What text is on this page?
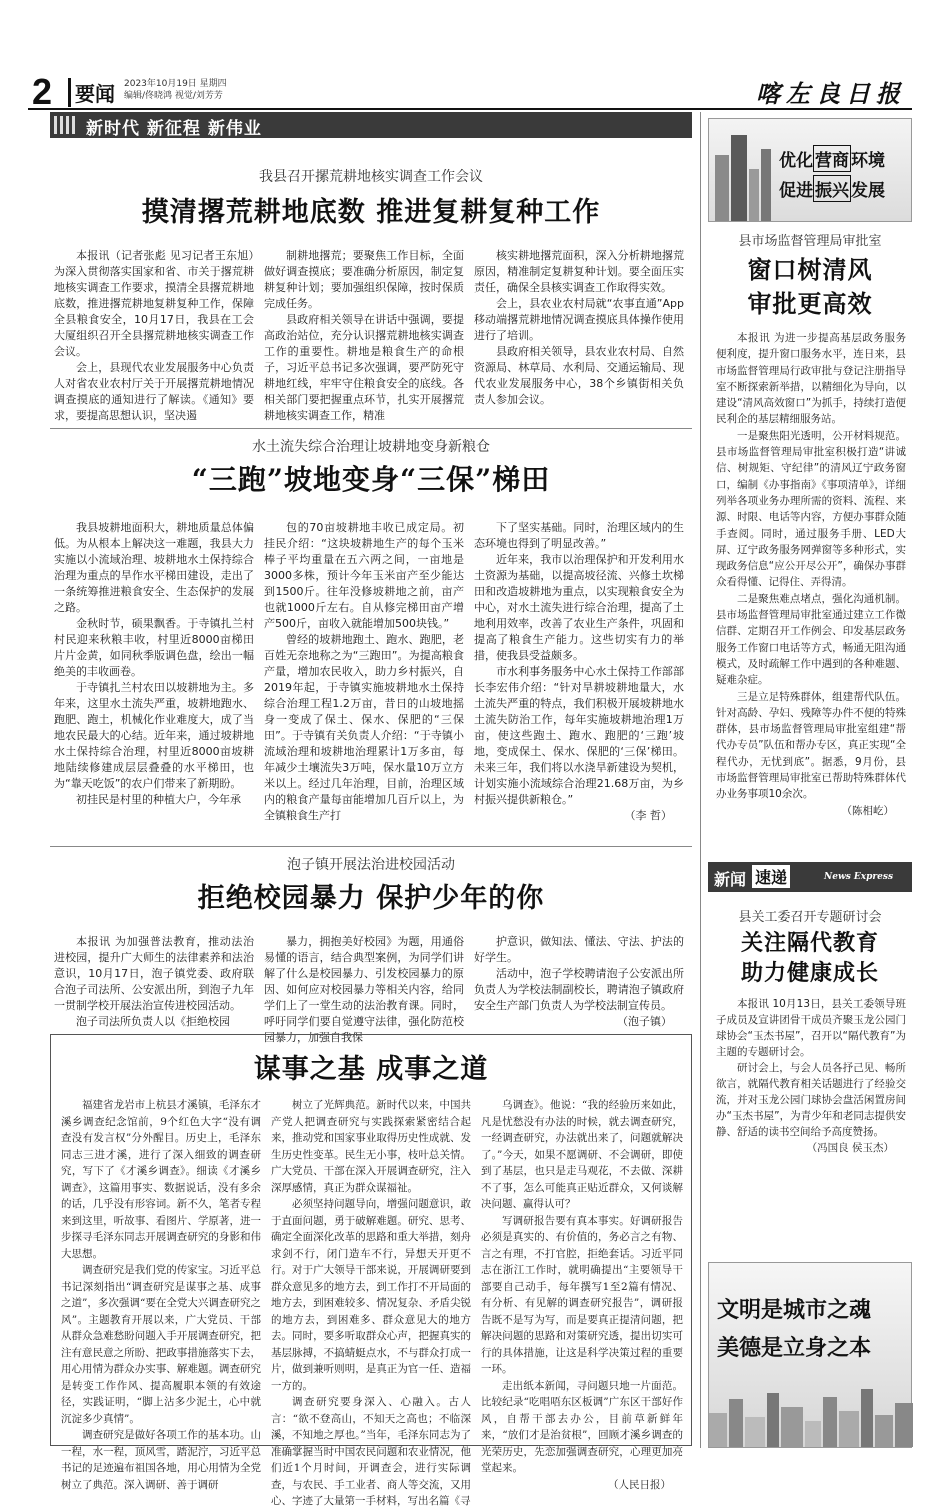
2	要闻 2023年10月19日 星期四
编辑/佟晓鸿 视觉/刘芳芳	喀左良日报
新时代 新征程 新伟业
我县召开摞荒耕地核实调查工作会议
摸清撂荒耕地底数 推进复耕复种工作

本报讯（记者张彪 见习记者王东旭）为深入贯彻落实国家和省、市关于撂荒耕地核实调查工作要求，摸清全县撂荒耕地底数，推进撂荒耕地复耕复种工作，保障全县粮食安全，10月17日，我县在工会大厦组织召开全县撂荒耕地核实调查工作会议。

会上，县现代农业发展服务中心负责人对省农业农村厅关于开展撂荒耕地情况调查摸底的通知进行了解读。《通知》要求，要提高思想认识，坚决遏

制耕地撂荒；要聚焦工作目标，全面做好调查摸底；要准确分析原因，制定复耕复种计划；要加强组织保障，按时保质完成任务。

县政府相关领导在讲话中强调，要提高政治站位，充分认识撂荒耕地核实调查工作的重要性。耕地是粮食生产的命根子，习近平总书记多次强调，要严防死守耕地红线，牢牢守住粮食安全的底线。各相关部门要把握重点环节，扎实开展撂荒耕地核实调查工作，精准

核实耕地撂荒面积，深入分析耕地撂荒原因，精准制定复耕复种计划。要全面压实责任，确保全县核实调查工作取得实效。

会上，县农业农村局就“农事直通”App移动端撂荒耕地情况调查摸底具体操作使用进行了培训。

县政府相关领导，县农业农村局、自然资源局、林草局、水利局、交通运输局、现代农业发展服务中心，38个乡镇街相关负责人参加会议。

水土流失综合治理让坡耕地变身新粮仓
“三跑”坡地变身“三保”梯田

我县坡耕地面积大，耕地质量总体偏低。为从根本上解决这一难题，我县大力实施以小流域治理、坡耕地水土保持综合治理为重点的旱作水平梯田建设，走出了一条统筹推进粮食安全、生态保护的发展之路。

金秋时节，硕果飘香。于寺镇扎兰村村民迎来秋粮丰收，村里近8000亩梯田片片金黄，如同秋季版调色盘，绘出一幅绝美的丰收画卷。

于寺镇扎兰村农田以坡耕地为主。多年来，这里水土流失严重，坡耕地跑水、跑肥、跑土，机械化作业难度大，成了当地农民最大的心结。近年来，通过坡耕地水土保持综合治理，村里近8000亩坡耕地陆续修建成层层叠叠的水平梯田，也为“靠天吃饭”的农户们带来了新期盼。

初挂民是村里的种植大户，今年承

包的70亩坡耕地丰收已成定局。初挂民介绍：“这块坡耕地生产的每个玉米棒子平均重量在五六两之间，一亩地是3000多株，预计今年玉米亩产至少能达到1500斤。往年没修坡耕地之前，亩产也就1000斤左右。自从修完梯田亩产增产500斤，亩收入就能增加500块钱。”

曾经的坡耕地跑土、跑水、跑肥，老百姓无奈地称之为“三跑田”。为提高粮食产量，增加农民收入，助力乡村振兴，自2019年起，于寺镇实施坡耕地水土保持综合治理工程1.2万亩，昔日的山坡地摇身一变成了保土、保水、保肥的“三保田”。于寺镇有关负责人介绍：“于寺镇小流域治理和坡耕地治理累计1万多亩，每年减少土壤流失3万吨，保水量10万立方米以上。经过几年治理，目前，治理区域内的粮食产量每亩能增加几百斤以上，为全镇粮食生产打

下了坚实基础。同时，治理区域内的生态环境也得到了明显改善。”

近年来，我市以治理保护和开发利用水土资源为基础，以提高坡径流、兴修土坎梯田和改造坡耕地为重点，以实现粮食安全为中心，对水土流失进行综合治理，提高了土地利用效率，改善了农业生产条件，巩固和提高了粮食生产能力。这些切实有力的举措，使我县受益颇多。

市水利事务服务中心水土保持工作部部长李宏伟介绍：“针对旱耕坡耕地量大，水土流失严重的特点，我们积极开展坡耕地水土流失防治工作，每年实施坡耕地治理1万亩，使这些跑土、跑水、跑肥的‘三跑’坡地，变成保土、保水、保肥的‘三保’梯田。未来三年，我们将以水浇旱新建设为契机，计划实施小流域综合治理21.68万亩，为乡村振兴提供新粮仓。”

（李 哲）
泡子镇开展法治进校园活动
拒绝校园暴力 保护少年的你

本报讯 为加强普法教育，推动法治进校园，提升广大师生的法律素养和法治意识，10月17日，泡子镇党委、政府联合泡子司法所、公安派出所，到泡子九年一贯制学校开展法治宣传进校园活动。

泡子司法所负责人以《拒绝校园

暴力，拥抱美好校园》为题，用通俗易懂的语言，结合典型案例，为同学们讲解了什么是校园暴力、引发校园暴力的原因、如何应对校园暴力等相关内容，给同学们上了一堂生动的法治教育课。同时，呼吁同学们要自觉遵守法律，强化防范校园暴力，加强自我保

护意识，做知法、懂法、守法、护法的好学生。

活动中，泡子学校聘请泡子公安派出所负责人为学校法制副校长，聘请泡子镇政府安全生产部门负责人为学校法制宣传员。

（泡子镇）
谋事之基 成事之道

福建省龙岩市上杭县才溪镇，毛泽东才溪乡调查纪念馆前，9个红色大字“没有调查没有发言权”分外醒目。历史上，毛泽东同志三进才溪，进行了深入细致的调查研究，写下了《才溪乡调查》。细读《才溪乡调查》，这篇用事实、数据说话，没有多余的话，几乎没有形容词。新不久，笔者专程来到这里，听故事、看图片、学原著，进一步探寻毛泽东同志开展调查研究的身影和伟大思想。

调查研究是我们党的传家宝。习近平总书记深刻指出“调查研究是谋事之基、成事之道”，多次强调“要在全党大兴调查研究之风”。主题教育开展以来，广大党员、干部从群众急难愁盼问题入手开展调查研究，把注有意民意之所盼、把政事措施落实下去，用心用情为群众办实事、解难题。调查研究是转变工作作风、提高履职本领的有效途径，实践证明，“脚上沾多少泥土，心中就沉淀多少真情”。

调查研究是做好各项工作的基本功。山一程，水一程，顶风雪，踏泥泞，习近平总书记的足迹遍布祖国各地，用心用情为全党树立了典范。深入调研、善于调研

树立了光辉典范。新时代以来，中国共产党人把调查研究与实践探索紧密结合起来，推动党和国家事业取得历史性成就、发生历史性变革。民生无小事，枝叶总关情。广大党员、干部在深入开展调查研究，注入深厚感情，真正为群众谋福祉。

必须坚持问题导向，增强问题意识，敢于直面问题，勇于破解难题。研究、思考、确定全面深化改革的思路和重大举措，刻舟求剑不行，闭门造车不行，异想天开更不行。对于广大领导干部来说，开展调研要到群众意见多的地方去，到工作打不开局面的地方去，到困难较多、情况复杂、矛盾尖锐的地方去，到困难多、群众意见大的地方去。同时，要多听取群众心声，把握真实的基层脉搏，不搞蜻蜓点水，不与群众打成一片，做到兼听则明，是真正为官一任、造福一方的。

调查研究要身深入、心融入。古人言：“欲不登高山，不知天之高也；不临深溪，不知地之厚也。”当年，毛泽东同志为了准确掌握当时中国农民问题和农业情况，他们近1个月时间，开调查会，进行实际调查，与农民、手工业者、商人等交流，又用心、字迹了大量第一手材料，写出名篇《寻

乌调查》。他说：“我的经验历来如此，凡是忧愁没有办法的时候，就去调查研究，一经调查研究，办法就出来了，问题就解决了。”今天，如果不愿调研、不会调研，即使到了基层，也只是走马观花，不去做、深耕不了事，怎么可能真正贴近群众，又何谈解决问题、赢得认可？

写调研报告要有真本事实。好调研报告必须是真实的、有价值的，务必言之有物、言之有理，不打官腔，拒绝套话。习近平同志在浙江工作时，就明确提出“主要领导干部要自己动手，每年撰写1至2篇有情况、有分析、有见解的调查研究报告”，调研报告既不是写为写，而是要真正提清问题，把解决问题的思路和对策研究透，提出切实可行的具体措施，让这是科学决策过程的重要一环。

走出纸本新闻，寻问题只地一片面范。比较纪录“吃唱唔东区板调”广东区干部好作风，自帮干部去办公，目前草新鲜年来，“放们才是治贫根”，回顾才溪乡调查的光荣历史，先恋加强调查研究，心理更加亮堂起来。

（人民日报）
优化 营商 环境
促进 振兴 发展
县市场监督管理局审批室
窗口树清风
审批更高效

本报讯 为进一步提高基层政务服务便利度，提升窗口服务水平，连日来，县市场监督管理局行政审批与登记注册指导室不断探索新举措，以精细化为导向，以建设“清风高效窗口”为抓手，持续打造便民利企的基层精细服务站。

一是聚焦阳光透明，公开材料规范。县市场监督管理局审批室积极打造“讲诚信、树规矩、守纪律”的清风辽宁政务窗口，编制《办事指南》《事项清单》，详细列举各项业务办理所需的资料、流程、来源、时限、电话等内容，方便办事群众随手查阅。同时，通过服务手册、LED大屏、辽宁政务服务网弹窗等多种形式，实现政务信息“应公开尽公开”，确保办事群众看得懂、记得住、弄得清。

二是聚焦难点堵点，强化沟通机制。县市场监督管理局审批室通过建立工作微信群、定期召开工作例会、印发基层政务服务工作窗口电话等方式，畅通无阻沟通模式，及时疏解工作中遇到的各种难题、疑难杂症。

三是立足特殊群体，组建帮代队伍。针对高龄、孕妇、残障等办件不便的特殊群体，县市场监督管理局审批室组建“帮代办专员”队伍和帮办专区，真正实现“全程代办，无忧到底”。据悉，9月份，县市场监督管理局审批室已帮助特殊群体代办业务事项10余次。

（陈相屹）
新闻 速递	News Express
县关工委召开专题研讨会
关注隔代教育
助力健康成长

本报讯 10月13日，县关工委领导班子成员及宣讲团骨干成员齐聚玉龙公园门球协会“玉杰书屋”，召开以“隔代教育”为主题的专题研讨会。

研讨会上，与会人员各抒己见、畅所欲言，就隔代教育相关话题进行了经验交流，并对玉龙公园门球协会盘活闲置房间办“玉杰书屋”，为青少年和老同志提供安静、舒适的读书空间给予高度赞扬。

（冯国良 侯玉杰）
文明是城市之魂
美德是立身之本
